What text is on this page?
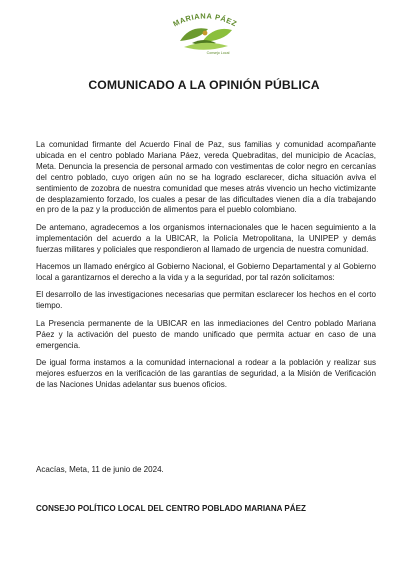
MARIANA PÁEZ
Consejo Local
COMUNICADO A LA OPINIÓN PÚBLICA

La comunidad firmante del Acuerdo Final de Paz, sus familias y comunidad acompañante ubicada en el centro poblado Mariana Páez, vereda Quebraditas, del municipio de Acacías, Meta. Denuncia la presencia de personal armado con vestimentas de color negro en cercanías del centro poblado, cuyo origen aún no se ha logrado esclarecer, dicha situación aviva el sentimiento de zozobra de nuestra comunidad que meses atrás vivencio un hecho victimizante de desplazamiento forzado, los cuales a pesar de las dificultades vienen día a día trabajando en pro de la paz y la producción de alimentos para el pueblo colombiano.

De antemano, agradecemos a los organismos internacionales que le hacen seguimiento a la implementación del acuerdo a la UBICAR, la Policía Metropolitana, la UNIPEP y demás fuerzas militares y policiales que respondieron al llamado de urgencia de nuestra comunidad.

Hacemos un llamado enérgico al Gobierno Nacional, el Gobierno Departamental y al Gobierno local a garantizarnos el derecho a la vida y a la seguridad, por tal razón solicitamos:

El desarrollo de las investigaciones necesarias que permitan esclarecer los hechos en el corto tiempo.

La Presencia permanente de la UBICAR en las inmediaciones del Centro poblado Mariana Páez y la activación del puesto de mando unificado que permita actuar en caso de una emergencia.

De igual forma instamos a la comunidad internacional a rodear a la población y realizar sus mejores esfuerzos en la verificación de las garantías de seguridad, a la Misión de Verificación de las Naciones Unidas adelantar sus buenos oficios.

Acacías, Meta, 11 de junio de 2024.
CONSEJO POLÍTICO LOCAL DEL CENTRO POBLADO MARIANA PÁEZ
